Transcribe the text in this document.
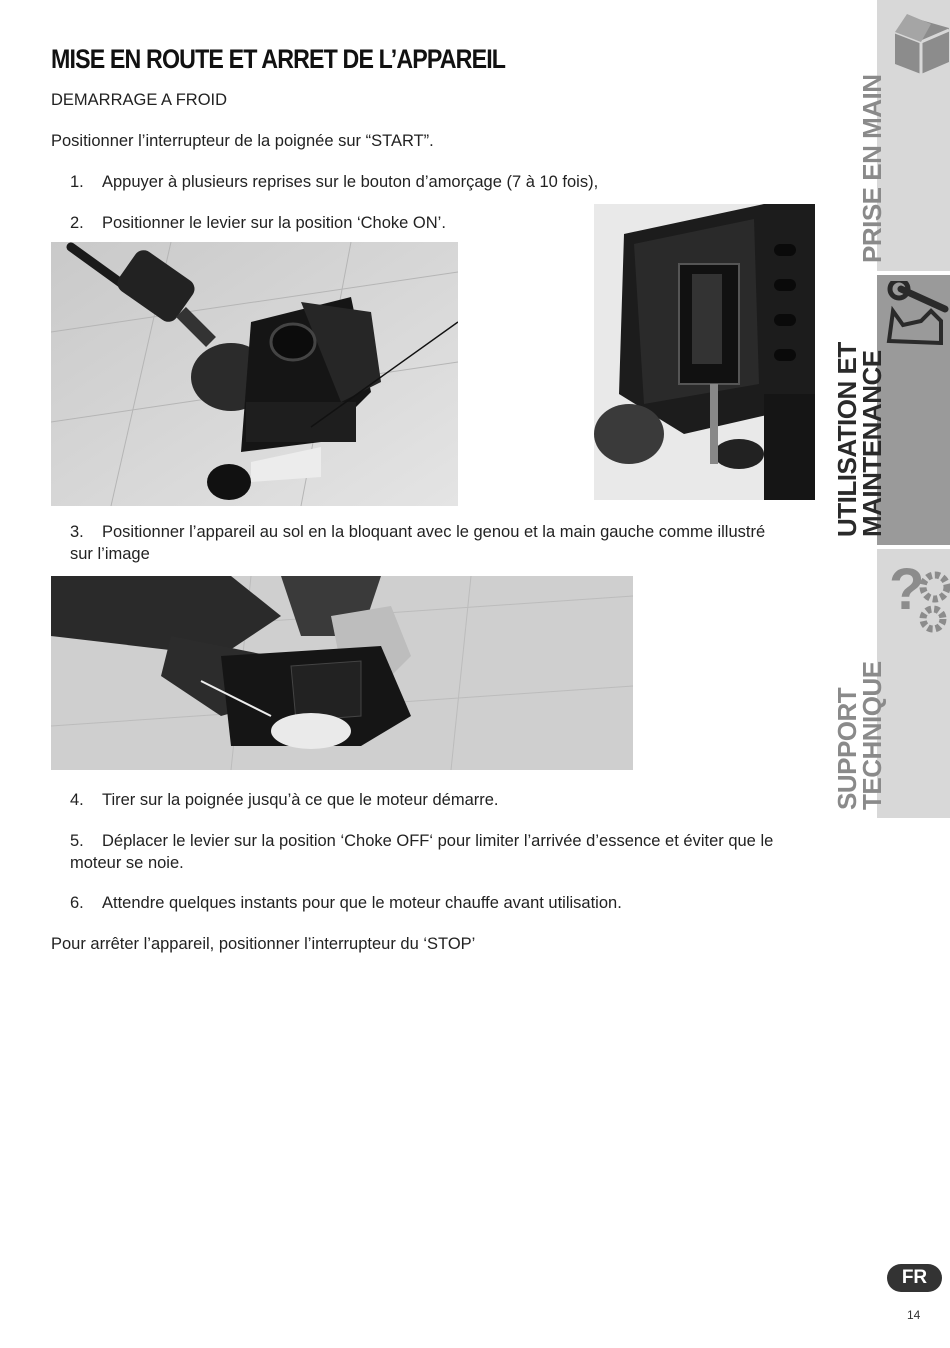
MISE EN ROUTE ET ARRET DE L’APPAREIL
DEMARRAGE A FROID
Positionner l’interrupteur de la poignée sur “START”.
1. Appuyer à plusieurs reprises sur le bouton d’amorçage (7 à 10 fois),
2. Positionner le levier sur la position ‘Choke ON’.
3. Positionner l’appareil au sol en la bloquant avec le genou et la main gauche comme illustré
sur l’image
4. Tirer sur la poignée jusqu’à ce que le moteur démarre.
5. Déplacer le levier sur la position ‘Choke OFF‘ pour limiter l’arrivée d’essence et éviter que le
moteur se noie.
6. Attendre quelques instants pour que le moteur chauffe avant utilisation.
Pour arrêter l’appareil, positionner l’interrupteur du ‘STOP’
PRISE EN MAIN
UTILISATION ET
MAINTENANCE
?
SUPPORT
TECHNIQUE
FR
14
